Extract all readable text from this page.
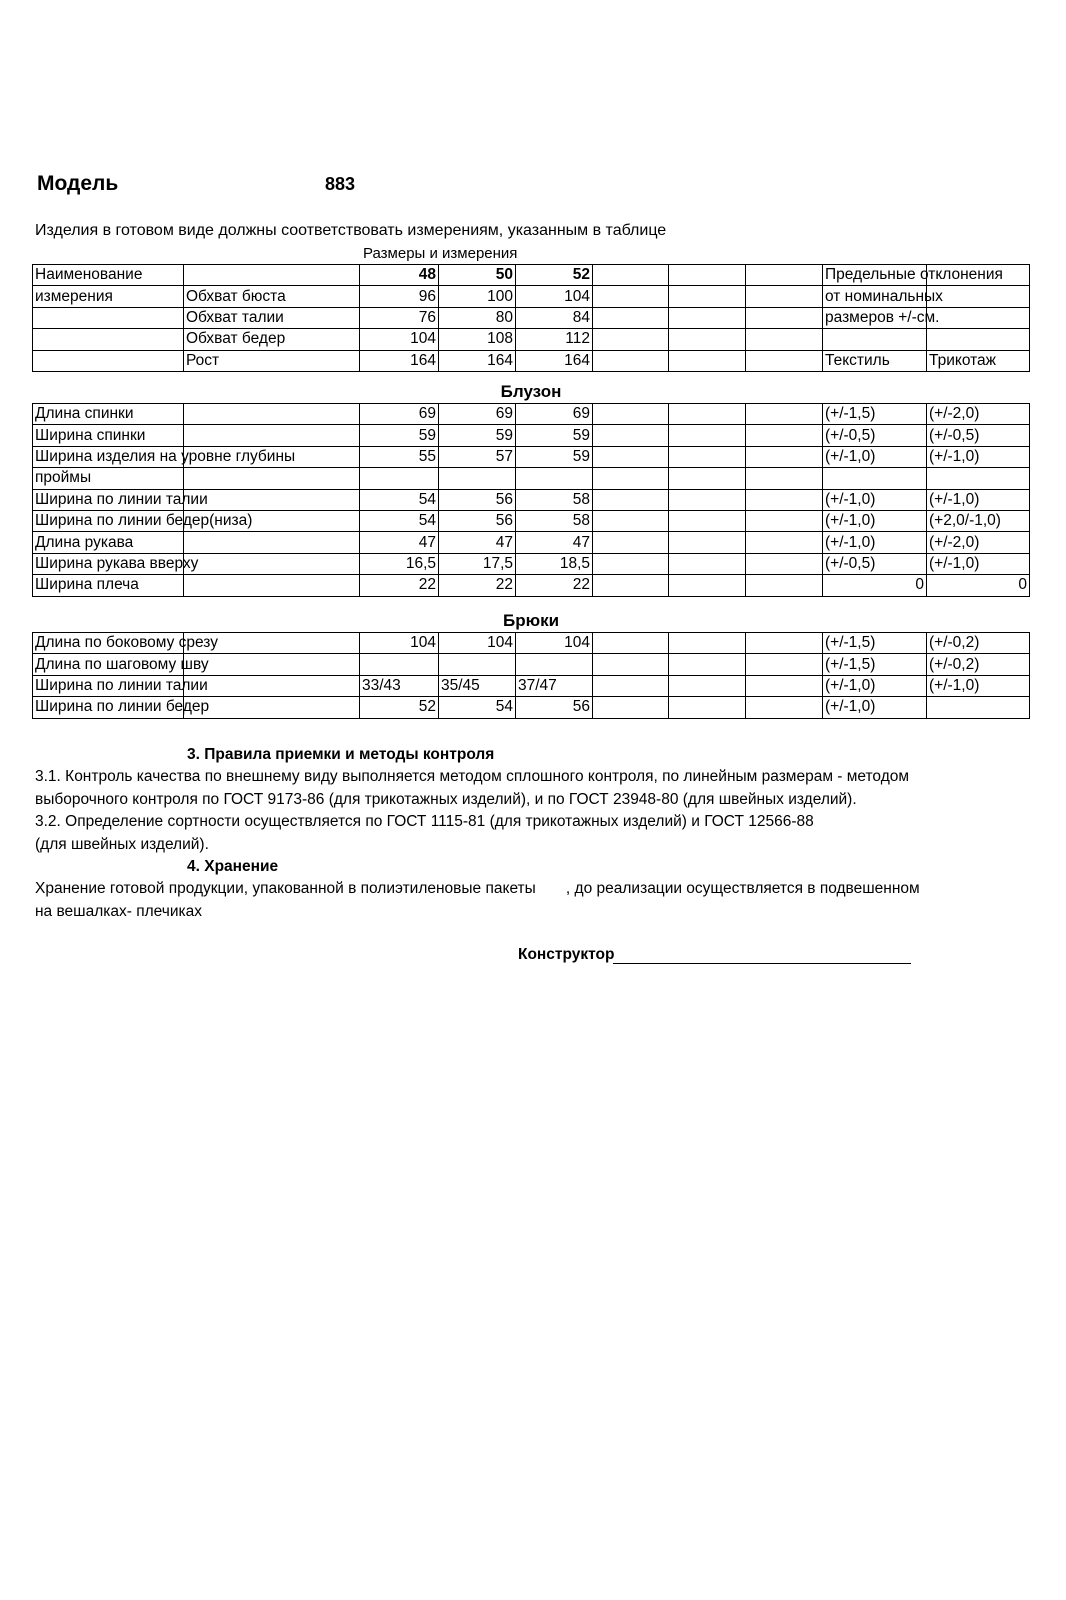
Модель	883
Изделия в готовом виде должны соответствовать измерениям, указанным в таблице
Размеры и измерения
Наименование		48	50	52				Предельные отклонения	
измерения	Обхват бюста	96	100	104				от номинальных	
	Обхват талии	76	80	84				размеров +/-см.	
	Обхват бедер	104	108	112					
	Рост	164	164	164				Текстиль	Трикотаж
Блузон									
Длина спинки		69	69	69				(+/-1,5)	(+/-2,0)
Ширина спинки		59	59	59				(+/-0,5)	(+/-0,5)
Ширина изделия на уровне глубины		55	57	59				(+/-1,0)	(+/-1,0)
проймы									
Ширина по линии талии		54	56	58				(+/-1,0)	(+/-1,0)
Ширина по линии бедер(низа)		54	56	58				(+/-1,0)	(+2,0/-1,0)
Длина рукава		47	47	47				(+/-1,0)	(+/-2,0)
Ширина рукава вверху		16,5	17,5	18,5				(+/-0,5)	(+/-1,0)
Ширина плеча		22	22	22				0	0
Брюки									
Длина по боковому срезу		104	104	104				(+/-1,5)	(+/-0,2)
Длина по шаговому шву								(+/-1,5)	(+/-0,2)
Ширина по линии талии		33/43	35/45	37/47				(+/-1,0)	(+/-1,0)
Ширина по линии бедер		52	54	56				(+/-1,0)	
3. Правила приемки и методы контроля
3.1. Контроль качества по внешнему виду выполняется методом сплошного контроля, по линейным размерам - методом
выборочного контроля по ГОСТ 9173-86 (для трикотажных изделий), и по ГОСТ 23948-80 (для швейных изделий).
3.2. Определение сортности осуществляется по ГОСТ 1115-81 (для трикотажных изделий) и ГОСТ 12566-88
(для швейных изделий).
4. Хранение
Хранение готовой продукции, упакованной в полиэтиленовые пакеты       , до реализации осуществляется в подвешенном
на вешалках- плечиках
Конструктор
